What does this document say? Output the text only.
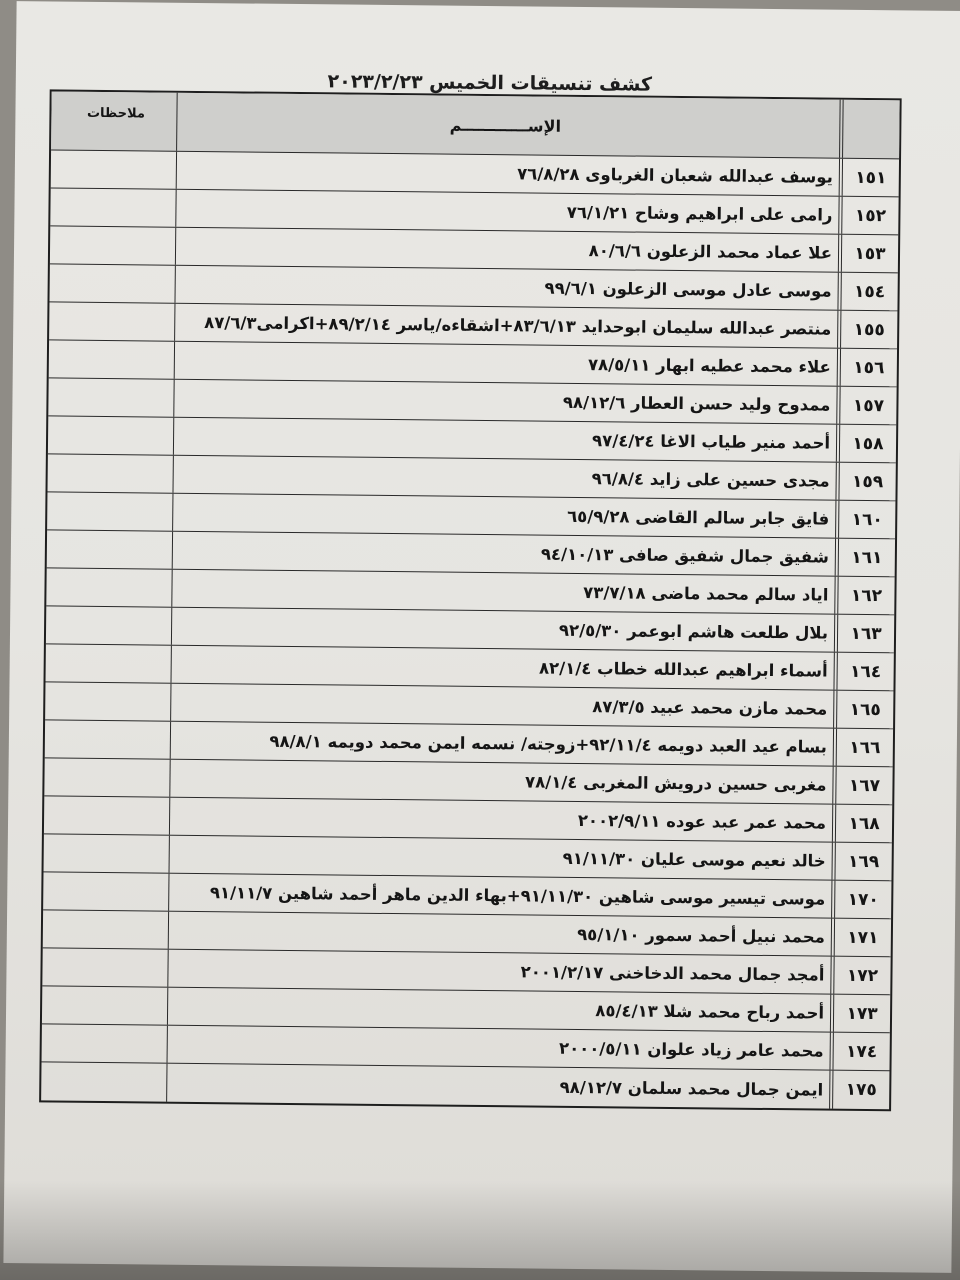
كشف تنسيقات الخميس ٢٠٢٣/٢/٢٣
الإســــــــــــم
ملاحظات
١٥١
يوسف عبدالله شعبان الغرباوى ٧٦/٨/٢٨
١٥٢
رامى على ابراهيم وشاح ٧٦/١/٢١
١٥٣
علا عماد محمد الزعلون ٨٠/٦/٦
١٥٤
موسى عادل موسى الزعلون ٩٩/٦/١
١٥٥
منتصر عبدالله سليمان ابوحدايد ٨٣/٦/١٣+اشقاءه/ياسر ٨٩/٢/١٤+اكرامى٨٧/٦/٣
١٥٦
علاء محمد عطيه ابهار ٧٨/٥/١١
١٥٧
ممدوح وليد حسن العطار ٩٨/١٢/٦
١٥٨
أحمد منير طياب الاغا ٩٧/٤/٢٤
١٥٩
مجدى حسين على زايد ٩٦/٨/٤
١٦٠
فايق جابر سالم القاضى ٦٥/٩/٢٨
١٦١
شفيق جمال شفيق صافى ٩٤/١٠/١٣
١٦٢
اياد سالم محمد ماضى ٧٣/٧/١٨
١٦٣
بلال طلعت هاشم ابوعمر ٩٢/٥/٣٠
١٦٤
أسماء ابراهيم عبدالله خطاب ٨٢/١/٤
١٦٥
محمد مازن محمد عبيد ٨٧/٣/٥
١٦٦
بسام عيد العبد دويمه ٩٢/١١/٤+زوجته/ نسمه ايمن محمد دويمه ٩٨/٨/١
١٦٧
مغربى حسين درويش المغربى ٧٨/١/٤
١٦٨
محمد عمر عبد عوده ٢٠٠٢/٩/١١
١٦٩
خالد نعيم موسى عليان ٩١/١١/٣٠
١٧٠
موسى تيسير موسى شاهين ٩١/١١/٣٠+بهاء الدين ماهر أحمد شاهين ٩١/١١/٧
١٧١
محمد نبيل أحمد سمور ٩٥/١/١٠
١٧٢
أمجد جمال محمد الدخاخنى ٢٠٠١/٢/١٧
١٧٣
أحمد رباح محمد شلا ٨٥/٤/١٣
١٧٤
محمد عامر زياد علوان ٢٠٠٠/٥/١١
١٧٥
ايمن جمال محمد سلمان ٩٨/١٢/٧
